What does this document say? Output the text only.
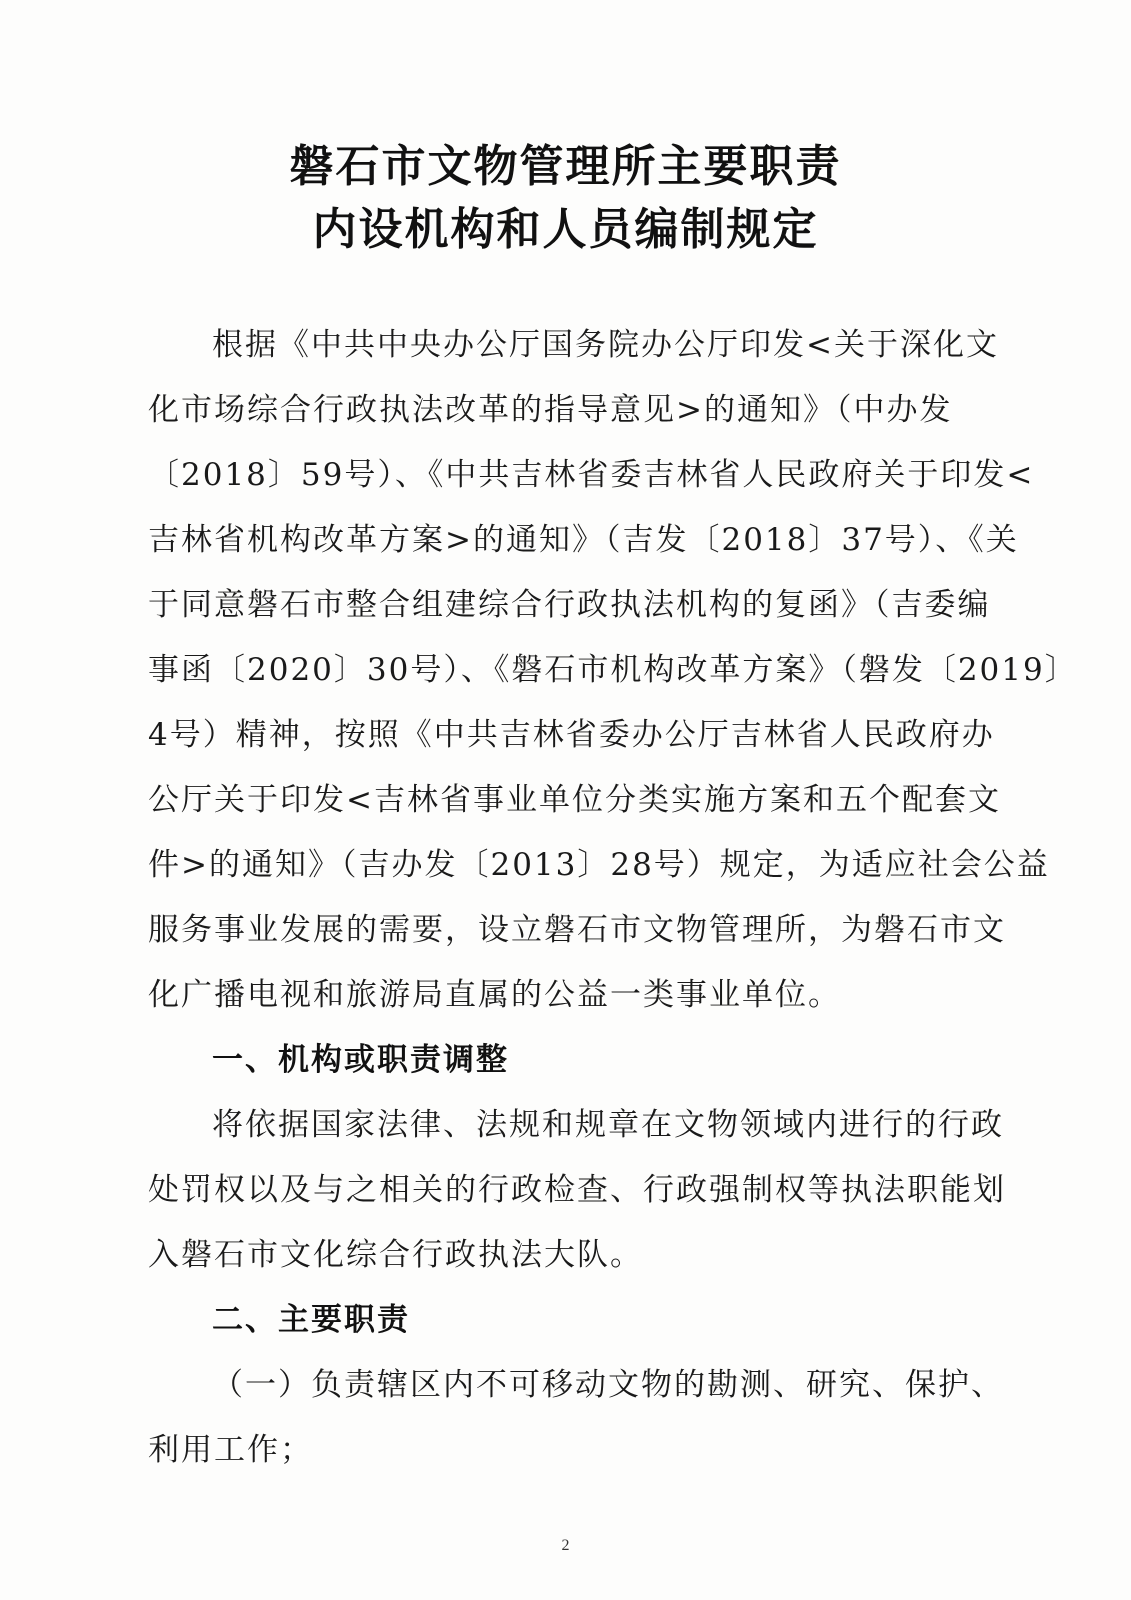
磐石市文物管理所主要职责
内设机构和人员编制规定
根据《中共中央办公厅国务院办公厅印发<关于深化文
化市场综合行政执法改革的指导意见>的通知》（中办发
〔2018〕59号）、《中共吉林省委吉林省人民政府关于印发<
吉林省机构改革方案>的通知》（吉发〔2018〕37号）、《关
于同意磐石市整合组建综合行政执法机构的复函》（吉委编
事函〔2020〕30号）、《磐石市机构改革方案》（磐发〔2019〕
4号）精神，按照《中共吉林省委办公厅吉林省人民政府办
公厅关于印发<吉林省事业单位分类实施方案和五个配套文
件>的通知》（吉办发〔2013〕28号）规定，为适应社会公益
服务事业发展的需要，设立磐石市文物管理所，为磐石市文
化广播电视和旅游局直属的公益一类事业单位。
一、机构或职责调整
将依据国家法律、法规和规章在文物领域内进行的行政
处罚权以及与之相关的行政检查、行政强制权等执法职能划
入磐石市文化综合行政执法大队。
二、主要职责
（一）负责辖区内不可移动文物的勘测、研究、保护、
利用工作；
2
